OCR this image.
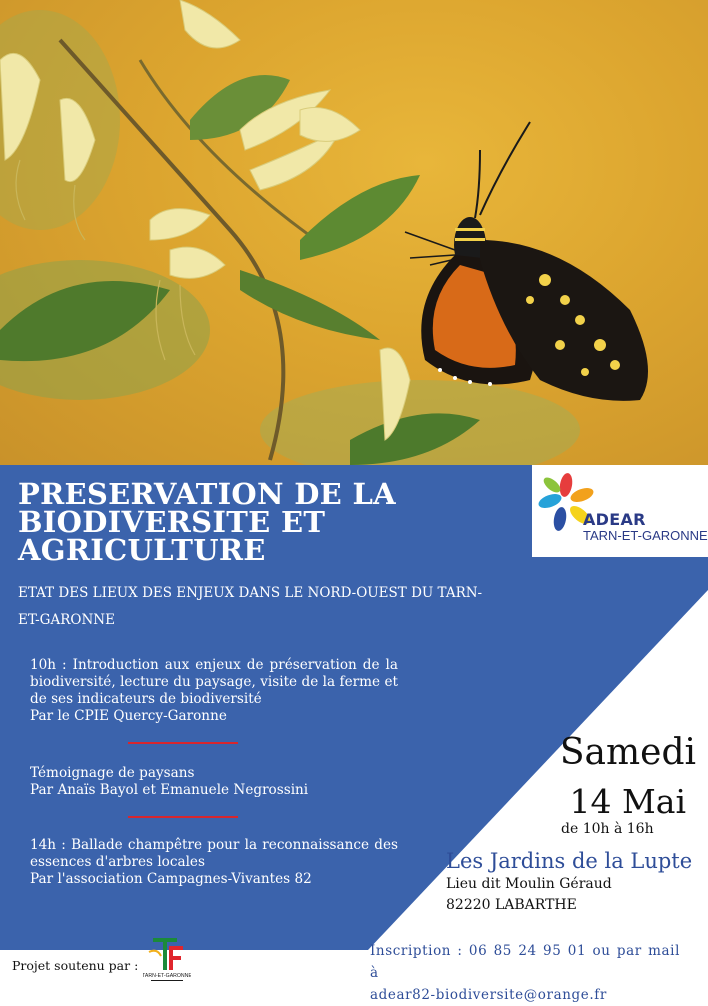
PRESERVATION DE LA
BIODIVERSITE ET
AGRICULTURE

ETAT DES LIEUX DES ENJEUX DANS LE NORD-OUEST DU TARN-
ET-GARONNE

10h : Introduction aux enjeux de préservation de la biodiversité, lecture du paysage, visite de la ferme et de ses indicateurs de biodiversité
Par le CPIE Quercy-Garonne
Témoignage de paysans
Par Anaïs Bayol et Emanuele Negrossini
14h : Ballade champêtre pour la reconnaissance des essences d'arbres locales
Par l'association Campagnes-Vivantes 82
ADEAR
TARN-ET-GARONNE
Samedi
14 Mai
de 10h à 16h
Les Jardins de la Lupte
Lieu dit Moulin Géraud
82220 LABARTHE
Projet soutenu par :
TARN-ET-GARONNE
Inscription : 06 85 24 95 01 ou par mail à
adear82-biodiversite@orange.fr
